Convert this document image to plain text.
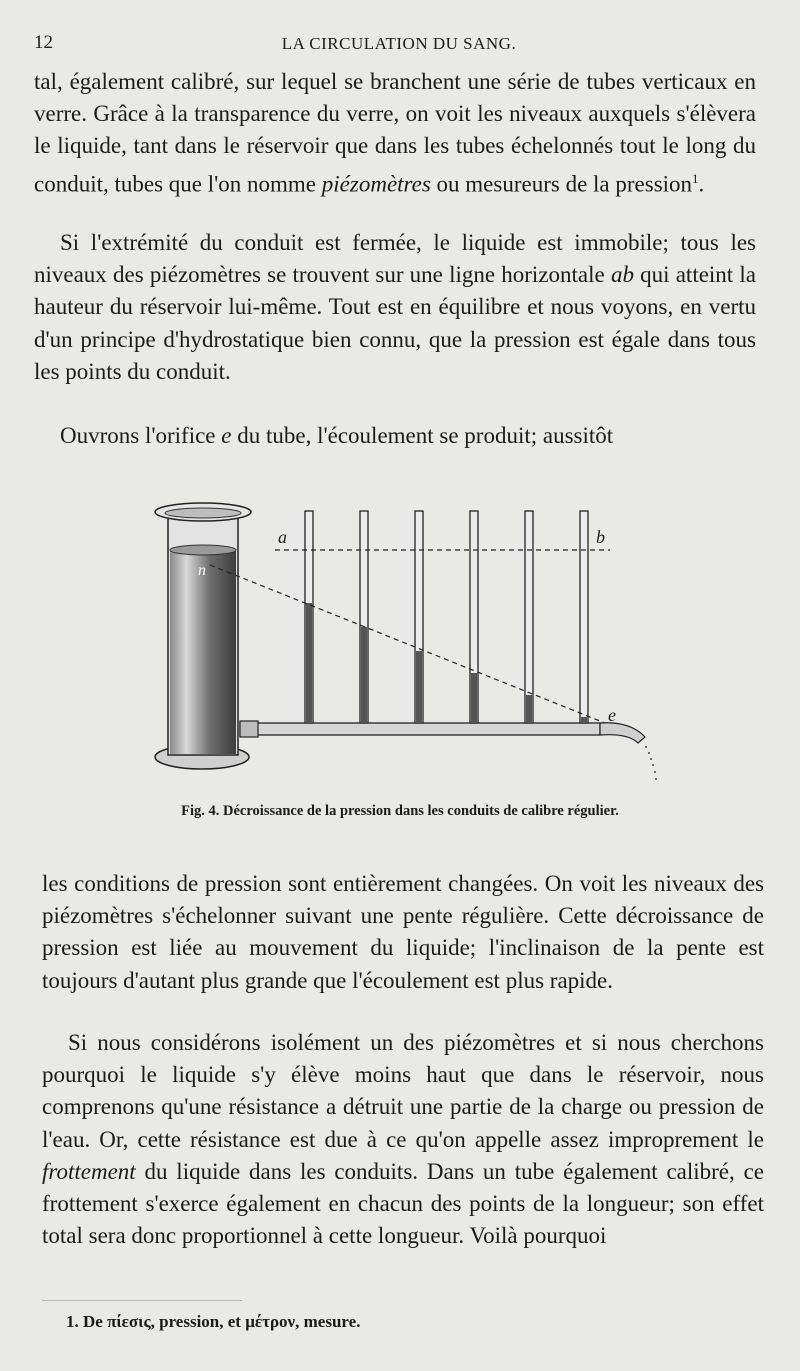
12	LA CIRCULATION DU SANG.

tal, également calibré, sur lequel se branchent une série de tubes verticaux en verre. Grâce à la transparence du verre, on voit les niveaux auxquels s'élèvera le liquide, tant dans le réservoir que dans les tubes échelonnés tout le long du conduit, tubes que l'on nomme piézomètres ou mesureurs de la pression$^1$.

Si l'extrémité du conduit est fermée, le liquide est immobile; tous les niveaux des piézomètres se trouvent sur une ligne horizontale ab qui atteint la hauteur du réservoir lui-même. Tout est en équilibre et nous voyons, en vertu d'un principe d'hydrostatique bien connu, que la pression est égale dans tous les points du conduit.

Ouvrons l'orifice e du tube, l'écoulement se produit; aussitôt

a	b
n
e
Fig. 4. Décroissance de la pression dans les conduits de calibre régulier.

les conditions de pression sont entièrement changées. On voit les niveaux des piézomètres s'échelonner suivant une pente régulière. Cette décroissance de pression est liée au mouvement du liquide; l'inclinaison de la pente est toujours d'autant plus grande que l'écoulement est plus rapide.

Si nous considérons isolément un des piézomètres et si nous cherchons pourquoi le liquide s'y élève moins haut que dans le réservoir, nous comprenons qu'une résistance a détruit une partie de la charge ou pression de l'eau. Or, cette résistance est due à ce qu'on appelle assez improprement le frottement du liquide dans les conduits. Dans un tube également calibré, ce frottement s'exerce également en chacun des points de la longueur; son effet total sera donc proportionnel à cette longueur. Voilà pourquoi

1. De πίεσις, pression, et μέτρον, mesure.
